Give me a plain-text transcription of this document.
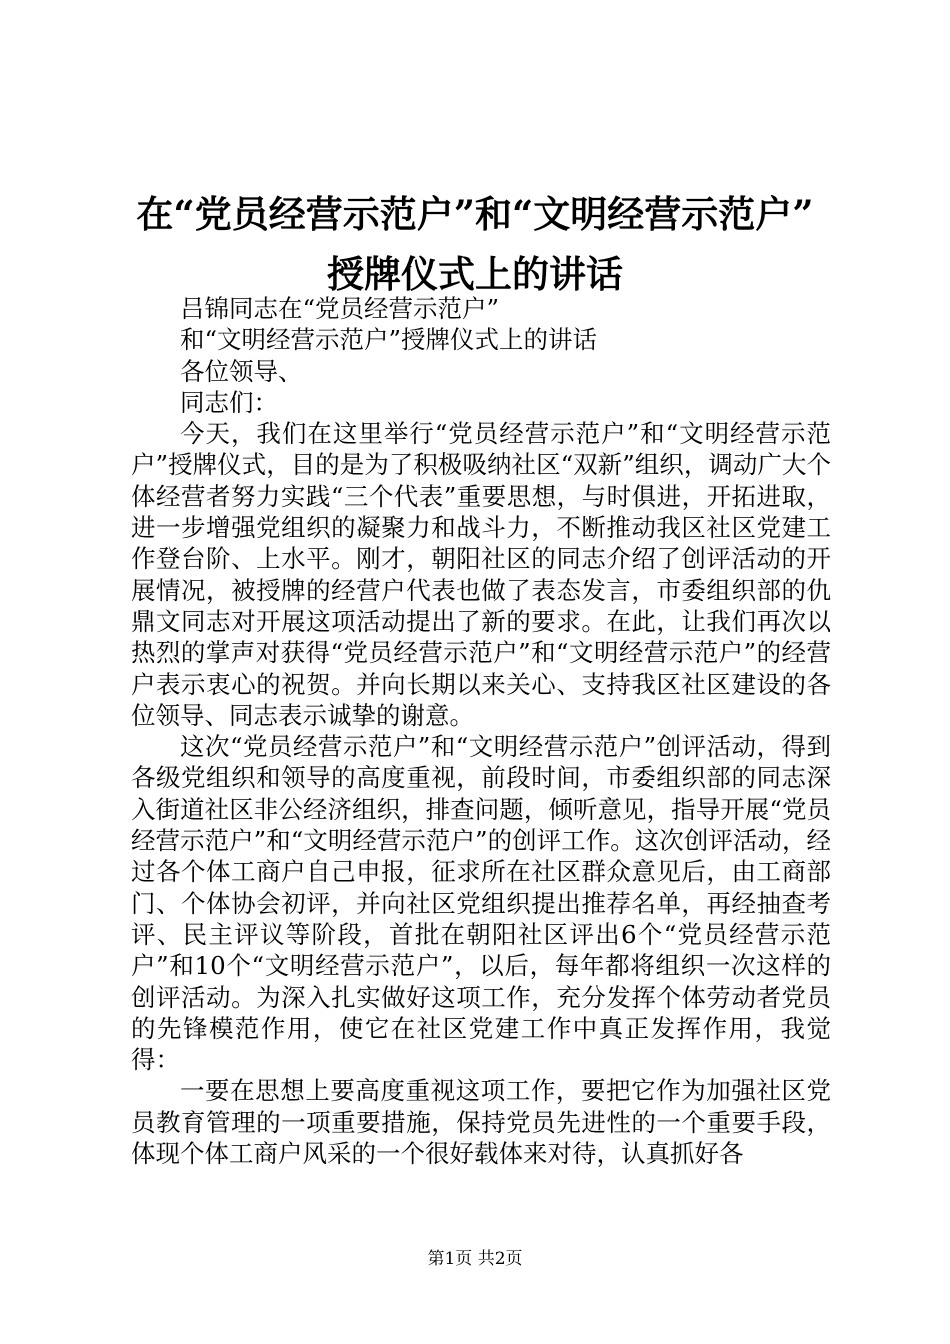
在“党员经营示范户”和“文明经营示范户”
授牌仪式上的讲话

吕锦同志在“党员经营示范户”

和“文明经营示范户”授牌仪式上的讲话

各位领导、

同志们：

今天，我们在这里举行“党员经营示范户”和“文明经营示范户”授牌仪式，目的是为了积极吸纳社区“双新”组织，调动广大个体经营者努力实践“三个代表”重要思想，与时俱进，开拓进取，进一步增强党组织的凝聚力和战斗力，不断推动我区社区党建工作登台阶、上水平。刚才，朝阳社区的同志介绍了创评活动的开展情况，被授牌的经营户代表也做了表态发言，市委组织部的仇鼎文同志对开展这项活动提出了新的要求。在此，让我们再次以热烈的掌声对获得“党员经营示范户”和“文明经营示范户”的经营户表示衷心的祝贺。并向长期以来关心、支持我区社区建设的各位领导、同志表示诚挚的谢意。

这次“党员经营示范户”和“文明经营示范户”创评活动，得到各级党组织和领导的高度重视，前段时间，市委组织部的同志深入街道社区非公经济组织，排查问题，倾听意见，指导开展“党员经营示范户”和“文明经营示范户”的创评工作。这次创评活动，经过各个体工商户自己申报，征求所在社区群众意见后，由工商部门、个体协会初评，并向社区党组织提出推荐名单，再经抽查考评、民主评议等阶段，首批在朝阳社区评出6个“党员经营示范户”和10个“文明经营示范户”，以后，每年都将组织一次这样的创评活动。为深入扎实做好这项工作，充分发挥个体劳动者党员的先锋模范作用，使它在社区党建工作中真正发挥作用，我觉得：

一要在思想上要高度重视这项工作，要把它作为加强社区党员教育管理的一项重要措施，保持党员先进性的一个重要手段，体现个体工商户风采的一个很好载体来对待，认真抓好各

第1页 共2页
